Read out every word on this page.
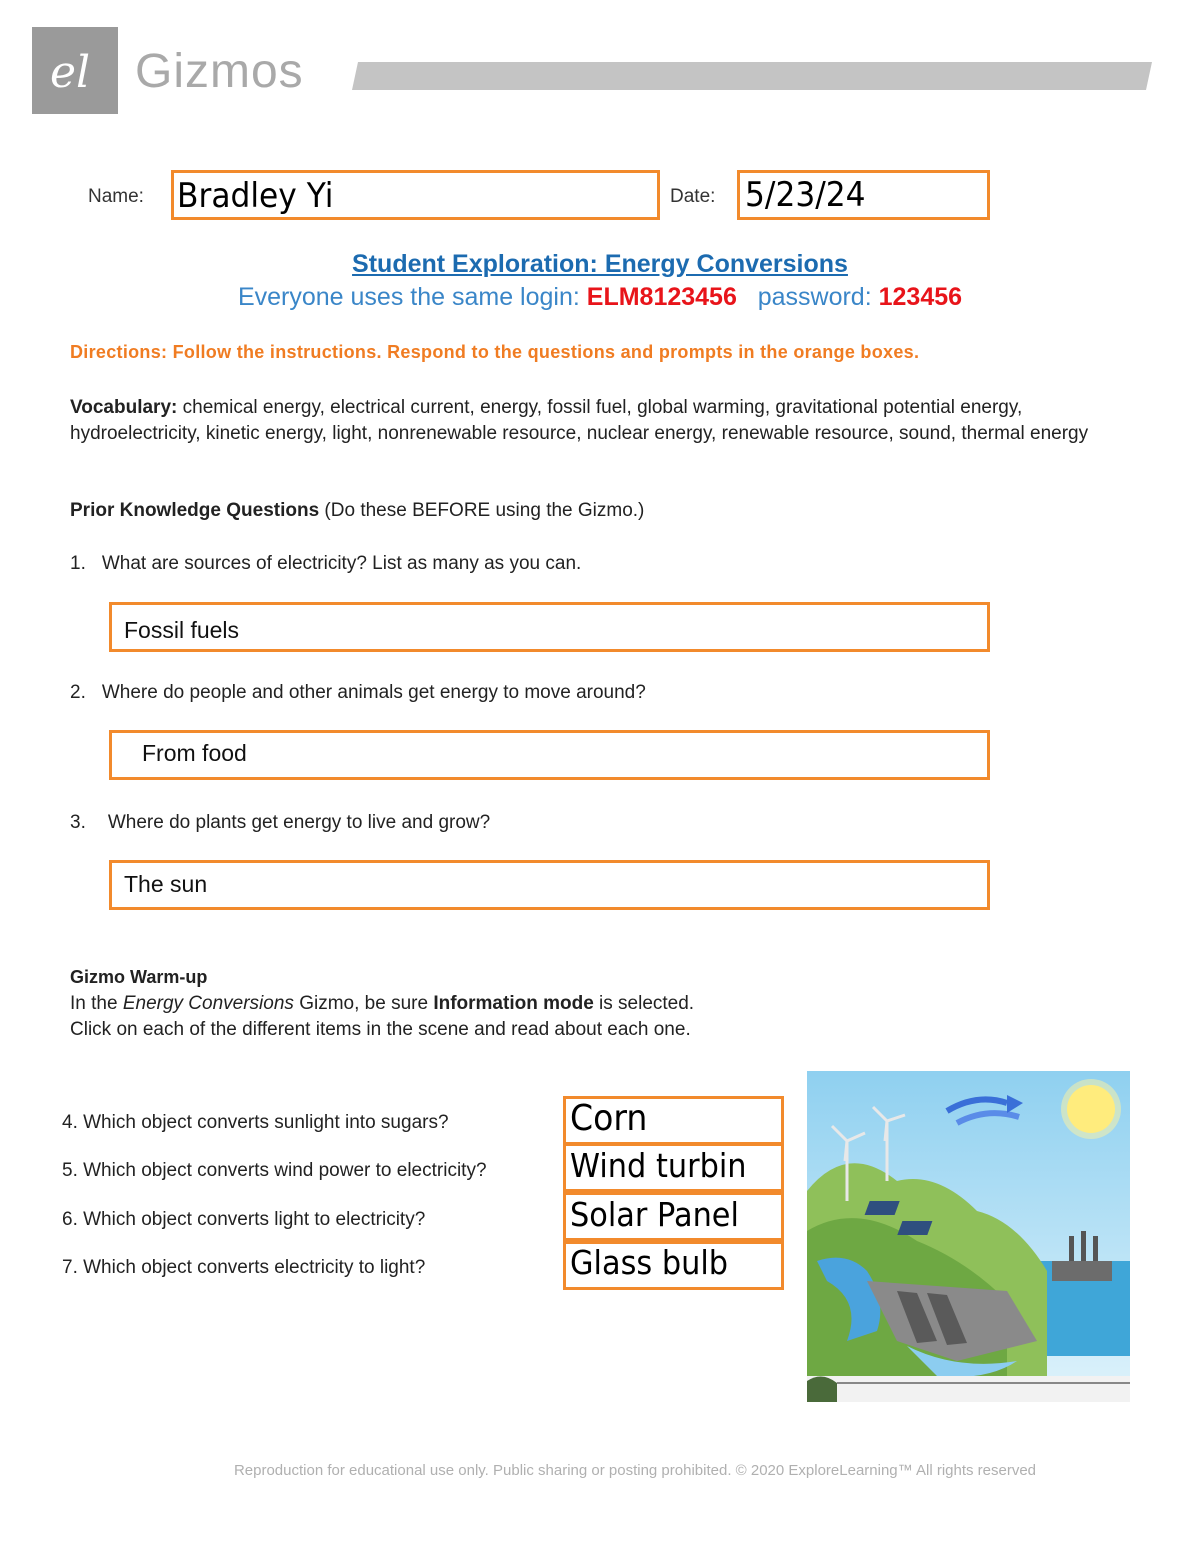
el Gizmos
Name: Bradley Yi	Date: 5/23/24
Student Exploration: Energy Conversions
Everyone uses the same login: ELM8123456 password: 123456
Directions: Follow the instructions. Respond to the questions and prompts in the orange boxes.
Vocabulary: chemical energy, electrical current, energy, fossil fuel, global warming, gravitational potential energy, hydroelectricity, kinetic energy, light, nonrenewable resource, nuclear energy, renewable resource, sound, thermal energy
Prior Knowledge Questions (Do these BEFORE using the Gizmo.)
1. What are sources of electricity? List as many as you can.
Fossil fuels
2. Where do people and other animals get energy to move around?
From food
3. Where do plants get energy to live and grow?
The sun
Gizmo Warm-up
In the Energy Conversions Gizmo, be sure Information mode is selected.
Click on each of the different items in the scene and read about each one.
4. Which object converts sunlight into sugars?
5. Which object converts wind power to electricity?
6. Which object converts light to electricity?
7. Which object converts electricity to light?
Corn
Wind turbin
Solar Panel
Glass bulb
Reproduction for educational use only. Public sharing or posting prohibited. © 2020 ExploreLearning™ All rights reserved
